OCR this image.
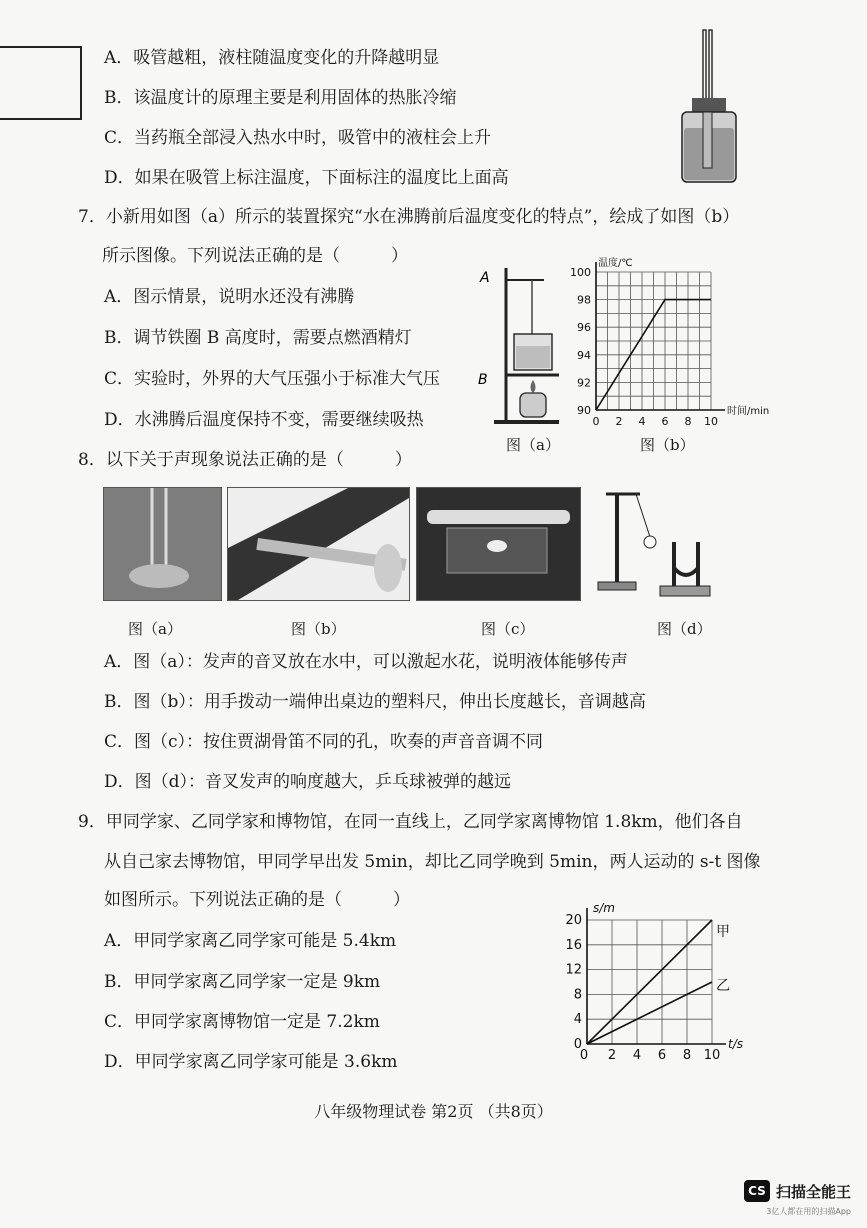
A．吸管越粗，液柱随温度变化的升降越明显
B．该温度计的原理主要是利用固体的热胀冷缩
C．当药瓶全部浸入热水中时，吸管中的液柱会上升
D．如果在吸管上标注温度，下面标注的温度比上面高
7．小新用如图（a）所示的装置探究“水在沸腾前后温度变化的特点”，绘成了如图（b）
所示图像。下列说法正确的是（　　　）
A．图示情景，说明水还没有沸腾
B．调节铁圈 B 高度时，需要点燃酒精灯
C．实验时，外界的大气压强小于标准大气压
D．水沸腾后温度保持不变，需要继续吸热
A
B
图（a）
0 2 4 6 8 10
90
92
94
96
98
100
时间/min
温度/℃
图（b）
8．以下关于声现象说法正确的是（　　　）
图（a）	图（b）	图（c）	图（d）
A．图（a）：发声的音叉放在水中，可以激起水花，说明液体能够传声
B．图（b）：用手拨动一端伸出桌边的塑料尺，伸出长度越长，音调越高
C．图（c）：按住贾湖骨笛不同的孔，吹奏的声音音调不同
D．图（d）：音叉发声的响度越大，乒乓球被弹的越远
9．甲同学家、乙同学家和博物馆，在同一直线上，乙同学家离博物馆 1.8km，他们各自
从自己家去博物馆，甲同学早出发 5min，却比乙同学晚到 5min，两人运动的 s-t 图像
如图所示。下列说法正确的是（　　　）
A．甲同学家离乙同学家可能是 5.4km
B．甲同学家离乙同学家一定是 9km
C．甲同学家离博物馆一定是 7.2km
D．甲同学家离乙同学家可能是 3.6km	2 4 6 8 10
0
4
8
12
16
20
0
t/s
s/m
甲
乙
八年级物理试卷 第2页 （共8页）
CS 扫描全能王
3亿人都在用的扫描App
